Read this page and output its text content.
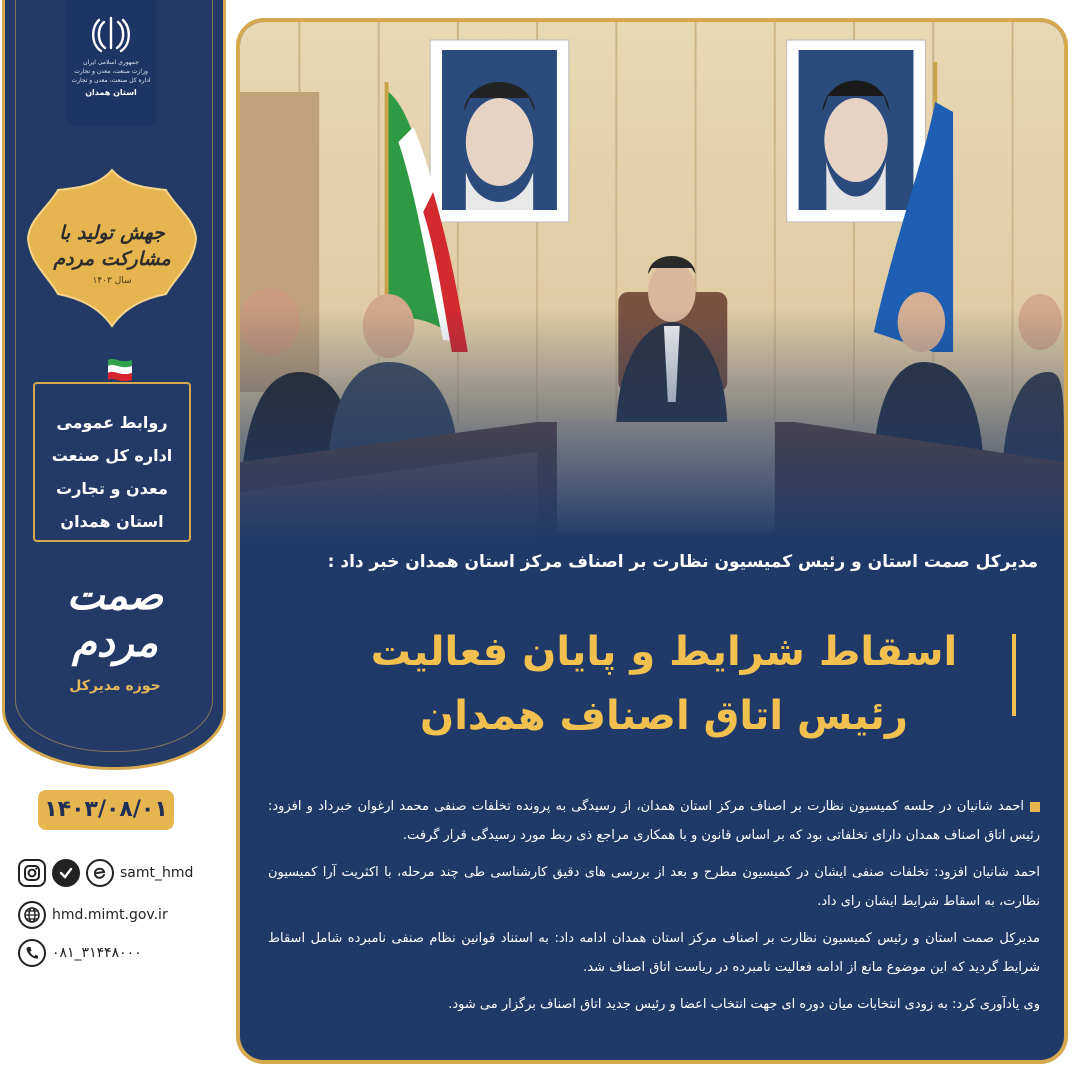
جمهوری اسلامی ایران
وزارت صنعت، معدن و تجارت
اداره کل صنعت، معدن و تجارت
استان همدان
جهش تولید با مشارکت مردم
سال ۱۴۰۳
روابط عمومی
اداره کل صنعت
معدن و تجارت
استان همدان
صمت مردم
حوزه مدیرکل
۱۴۰۳/۰۸/۰۱
samt_hmd
hmd.mimt.gov.ir
۰۸۱_۳۱۴۴۸۰۰۰
مدیرکل صمت استان و رئیس کمیسیون نظارت بر اصناف مرکز استان همدان خبر داد :
اسقاط شرایط و پایان فعالیت
رئیس اتاق اصناف همدان

احمد شانیان در جلسه کمیسیون نظارت بر اصناف مرکز استان همدان، از رسیدگی به پرونده تخلفات صنفی محمد ارغوان خبرداد و افزود: رئیس اتاق اصناف همدان دارای تخلفاتی بود که بر اساس قانون و با همکاری مراجع ذی ربط مورد رسیدگی قرار گرفت.

احمد شانیان افزود: تخلفات صنفی ایشان در کمیسیون مطرح و بعد از بررسی های دقیق کارشناسی طی چند مرحله، با اکثریت آرا کمیسیون نظارت، به اسقاط شرایط ایشان رای داد.

مدیرکل صمت استان و رئیس کمیسیون نظارت بر اصناف مرکز استان همدان ادامه داد: به استناد قوانین نظام صنفی نامبرده شامل اسقاط شرایط گردید که این موضوع مانع از ادامه فعالیت نامبرده در ریاست اتاق اصناف شد.

وی یادآوری کرد: به زودی انتخابات میان دوره ای جهت انتخاب اعضا و رئیس جدید اتاق اصناف برگزار می شود.
